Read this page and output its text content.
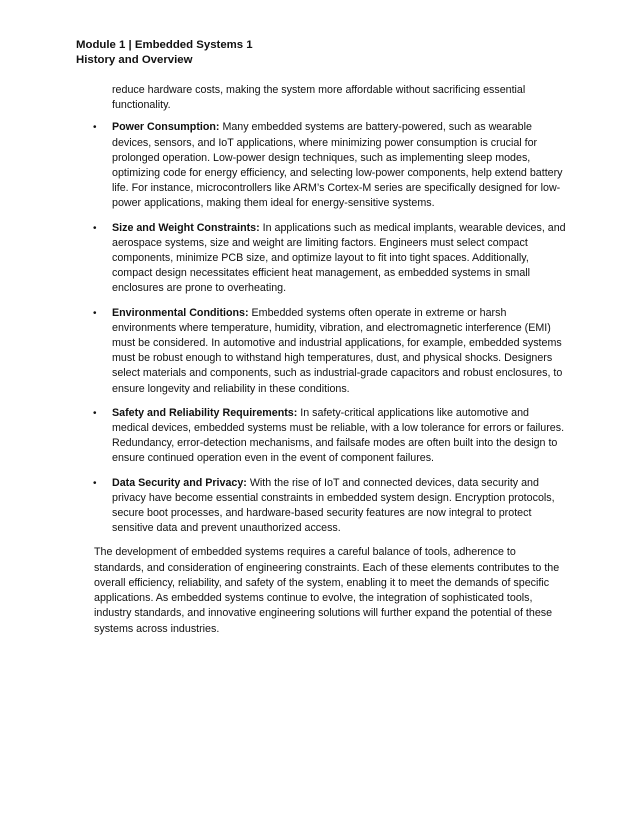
Module 1 | Embedded Systems 1
History and Overview

reduce hardware costs, making the system more affordable without sacrificing essential functionality.

• Power Consumption: Many embedded systems are battery-powered, such as wearable devices, sensors, and IoT applications, where minimizing power consumption is crucial for prolonged operation. Low-power design techniques, such as implementing sleep modes, optimizing code for energy efficiency, and selecting low-power components, help extend battery life. For instance, microcontrollers like ARM’s Cortex-M series are specifically designed for low-power applications, making them ideal for energy-sensitive systems.
• Size and Weight Constraints: In applications such as medical implants, wearable devices, and aerospace systems, size and weight are limiting factors. Engineers must select compact components, minimize PCB size, and optimize layout to fit into tight spaces. Additionally, compact design necessitates efficient heat management, as embedded systems in small enclosures are prone to overheating.
• Environmental Conditions: Embedded systems often operate in extreme or harsh environments where temperature, humidity, vibration, and electromagnetic interference (EMI) must be considered. In automotive and industrial applications, for example, embedded systems must be robust enough to withstand high temperatures, dust, and physical shocks. Designers select materials and components, such as industrial-grade capacitors and robust enclosures, to ensure longevity and reliability in these conditions.
• Safety and Reliability Requirements: In safety-critical applications like automotive and medical devices, embedded systems must be reliable, with a low tolerance for errors or failures. Redundancy, error-detection mechanisms, and failsafe modes are often built into the design to ensure continued operation even in the event of component failures.
• Data Security and Privacy: With the rise of IoT and connected devices, data security and privacy have become essential constraints in embedded system design. Encryption protocols, secure boot processes, and hardware-based security features are now integral to protect sensitive data and prevent unauthorized access.

The development of embedded systems requires a careful balance of tools, adherence to standards, and consideration of engineering constraints. Each of these elements contributes to the overall efficiency, reliability, and safety of the system, enabling it to meet the demands of specific applications. As embedded systems continue to evolve, the integration of sophisticated tools, industry standards, and innovative engineering solutions will further expand the potential of these systems across industries.
